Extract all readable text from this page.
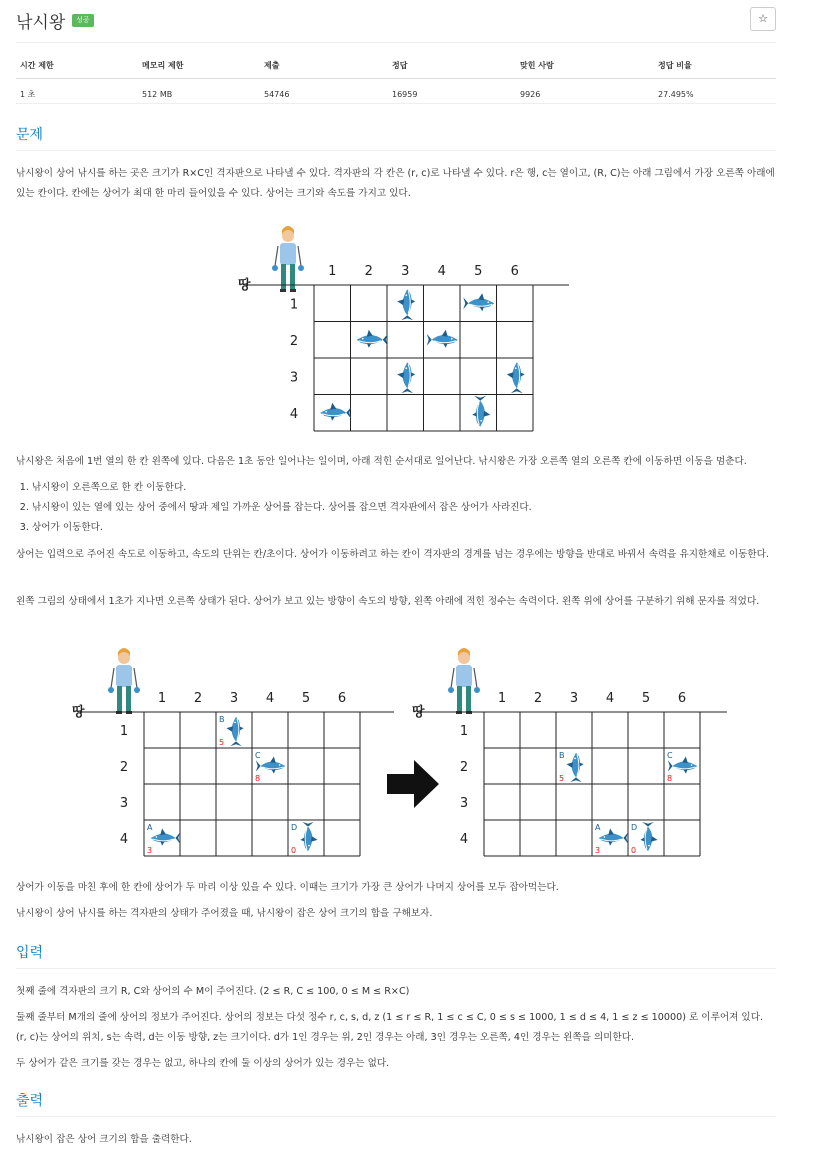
낚시왕	성공	☆
시간 제한	메모리 제한	제출	정답	맞힌 사람	정답 비율
1 초	512 MB	54746	16959	9926	27.495%
문제
낚시왕이 상어 낚시를 하는 곳은 크기가 R×C인 격자판으로 나타낼 수 있다. 격자판의 각 칸은 (r, c)로 나타낼 수 있다. r은 행, c는 열이고, (R, C)는 아래 그림에서 가장 오른쪽 아래에 있는 칸이다. 칸에는 상어가 최대 한 마리 들어있을 수 있다. 상어는 크기와 속도를 가지고 있다.
1 2 3 4 5 6
1
2
3
4
땅
낚시왕은 처음에 1번 열의 한 칸 왼쪽에 있다. 다음은 1초 동안 일어나는 일이며, 아래 적힌 순서대로 일어난다. 낚시왕은 가장 오른쪽 열의 오른쪽 칸에 이동하면 이동을 멈춘다.
1. 낚시왕이 오른쪽으로 한 칸 이동한다.
2. 낚시왕이 있는 열에 있는 상어 중에서 땅과 제일 가까운 상어를 잡는다. 상어를 잡으면 격자판에서 잡은 상어가 사라진다.
3. 상어가 이동한다.
상어는 입력으로 주어진 속도로 이동하고, 속도의 단위는 칸/초이다. 상어가 이동하려고 하는 칸이 격자판의 경계를 넘는 경우에는 방향을 반대로 바꿔서 속력을 유지한채로 이동한다.
왼쪽 그림의 상태에서 1초가 지나면 오른쪽 상태가 된다. 상어가 보고 있는 방향이 속도의 방향, 왼쪽 아래에 적힌 정수는 속력이다. 왼쪽 위에 상어를 구분하기 위해 문자를 적었다.
1 2 3 4 5 6
1
2
3
4
땅	B
5
C
8
A
3
D
0
1 2 3 4 5 6
1
2
3
4
땅
B
5
C
8
A
3
D
0
상어가 이동을 마친 후에 한 칸에 상어가 두 마리 이상 있을 수 있다. 이때는 크기가 가장 큰 상어가 나머지 상어를 모두 잡아먹는다.
낚시왕이 상어 낚시를 하는 격자판의 상태가 주어졌을 때, 낚시왕이 잡은 상어 크기의 합을 구해보자.
입력
첫째 줄에 격자판의 크기 R, C와 상어의 수 M이 주어진다. (2 ≤ R, C ≤ 100, 0 ≤ M ≤ R×C)
둘째 줄부터 M개의 줄에 상어의 정보가 주어진다. 상어의 정보는 다섯 정수 r, c, s, d, z (1 ≤ r ≤ R, 1 ≤ c ≤ C, 0 ≤ s ≤ 1000, 1 ≤ d ≤ 4, 1 ≤ z ≤ 10000) 로 이루어져 있다. (r, c)는 상어의 위치, s는 속력, d는 이동 방향, z는 크기이다. d가 1인 경우는 위, 2인 경우는 아래, 3인 경우는 오른쪽, 4인 경우는 왼쪽을 의미한다.
두 상어가 같은 크기를 갖는 경우는 없고, 하나의 칸에 둘 이상의 상어가 있는 경우는 없다.
출력
낚시왕이 잡은 상어 크기의 합을 출력한다.
